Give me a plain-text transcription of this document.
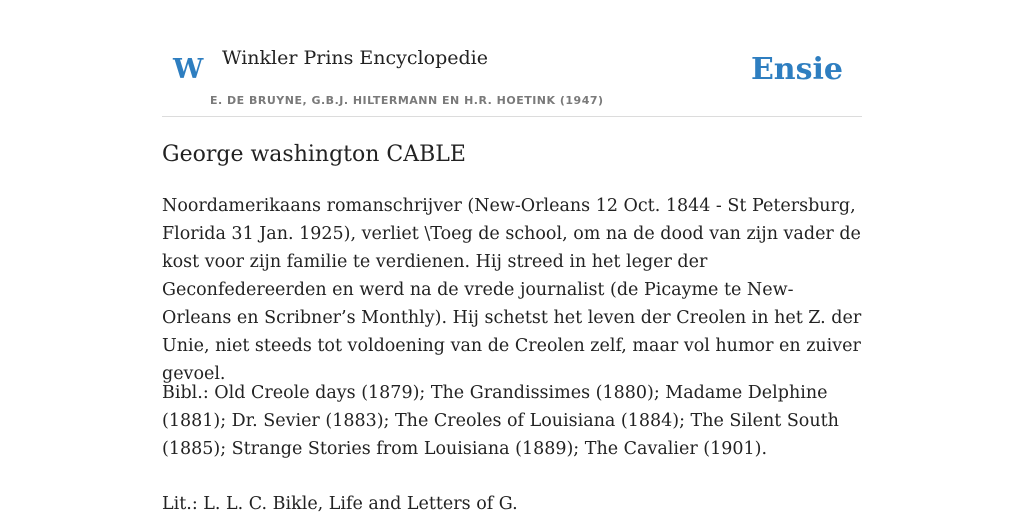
W Winkler Prins Encyclopedie
E. DE BRUYNE, G.B.J. HILTERMANN EN H.R. HOETINK (1947)
Ensie
George washington CABLE

Noordamerikaans romanschrijver (New-Orleans 12 Oct. 1844 - St Petersburg, Florida 31 Jan. 1925), verliet \Toeg de school, om na de dood van zijn vader de kost voor zijn familie te verdienen. Hij streed in het leger der Geconfedereerden en werd na de vrede journalist (de Picayme te New-Orleans en Scribner’s Monthly). Hij schetst het leven der Creolen in het Z. der Unie, niet steeds tot voldoening van de Creolen zelf, maar vol humor en zuiver gevoel.

Bibl.: Old Creole days (1879); The Grandissimes (1880); Madame Delphine (1881); Dr. Sevier (1883); The Creoles of Louisiana (1884); The Silent South (1885); Strange Stories from Louisiana (1889); The Cavalier (1901).

Lit.: L. L. C. Bikle, Life and Letters of G.
